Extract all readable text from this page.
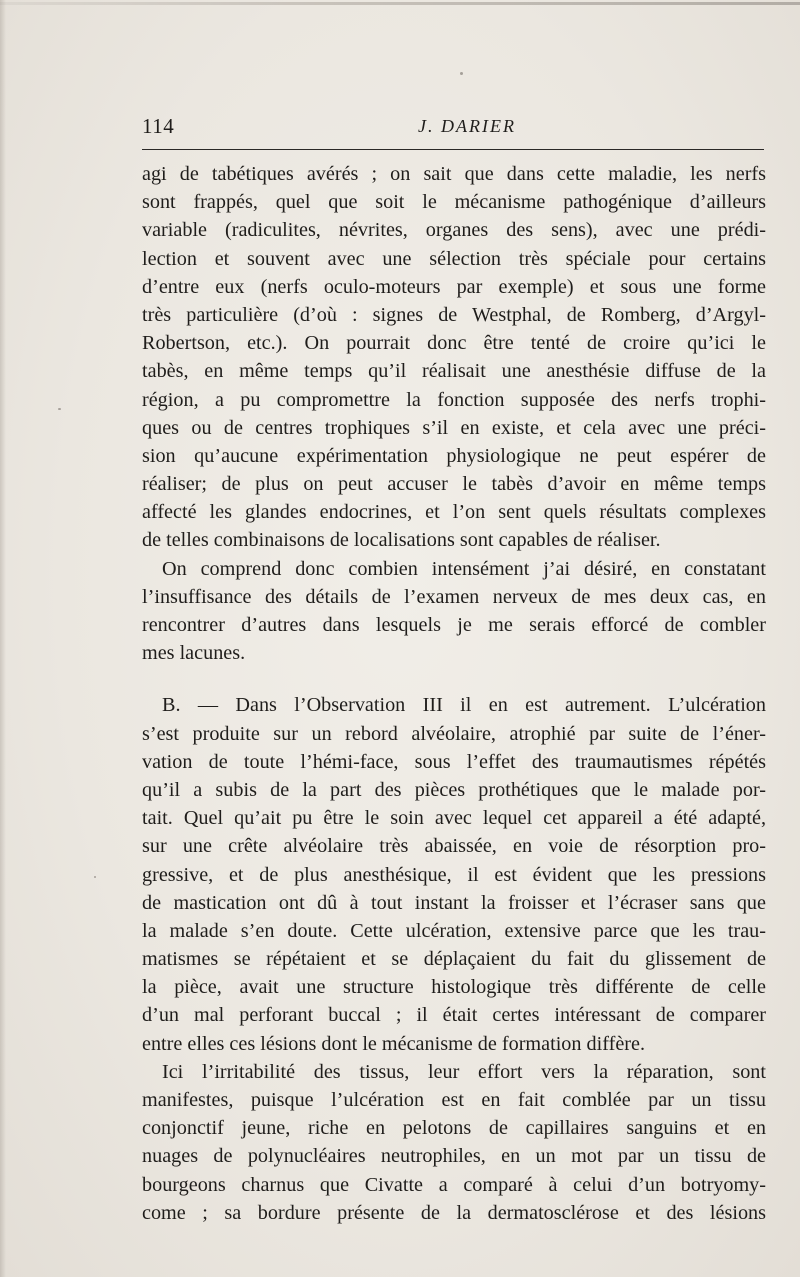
114	J. DARIER
agi de tabétiques avérés ; on sait que dans cette maladie, les nerfs
sont frappés, quel que soit le mécanisme pathogénique d’ailleurs
variable (radiculites, névrites, organes des sens), avec une prédi-
lection et souvent avec une sélection très spéciale pour certains
d’entre eux (nerfs oculo-moteurs par exemple) et sous une forme
très particulière (d’où : signes de Westphal, de Romberg, d’Argyl-
Robertson, etc.). On pourrait donc être tenté de croire qu’ici le
tabès, en même temps qu’il réalisait une anesthésie diffuse de la
région, a pu compromettre la fonction supposée des nerfs trophi-
ques ou de centres trophiques s’il en existe, et cela avec une préci-
sion qu’aucune expérimentation physiologique ne peut espérer de
réaliser; de plus on peut accuser le tabès d’avoir en même temps
affecté les glandes endocrines, et l’on sent quels résultats complexes
de telles combinaisons de localisations sont capables de réaliser.
On comprend donc combien intensément j’ai désiré, en constatant
l’insuffisance des détails de l’examen nerveux de mes deux cas, en
rencontrer d’autres dans lesquels je me serais efforcé de combler
mes lacunes.
B. — Dans l’Observation III il en est autrement. L’ulcération
s’est produite sur un rebord alvéolaire, atrophié par suite de l’éner-
vation de toute l’hémi-face, sous l’effet des traumautismes répétés
qu’il a subis de la part des pièces prothétiques que le malade por-
tait. Quel qu’ait pu être le soin avec lequel cet appareil a été adapté,
sur une crête alvéolaire très abaissée, en voie de résorption pro-
gressive, et de plus anesthésique, il est évident que les pressions
de mastication ont dû à tout instant la froisser et l’écraser sans que
la malade s’en doute. Cette ulcération, extensive parce que les trau-
matismes se répétaient et se déplaçaient du fait du glissement de
la pièce, avait une structure histologique très différente de celle
d’un mal perforant buccal ; il était certes intéressant de comparer
entre elles ces lésions dont le mécanisme de formation diffère.
Ici l’irritabilité des tissus, leur effort vers la réparation, sont
manifestes, puisque l’ulcération est en fait comblée par un tissu
conjonctif jeune, riche en pelotons de capillaires sanguins et en
nuages de polynucléaires neutrophiles, en un mot par un tissu de
bourgeons charnus que Civatte a comparé à celui d’un botryomy-
come ; sa bordure présente de la dermatosclérose et des lésions
